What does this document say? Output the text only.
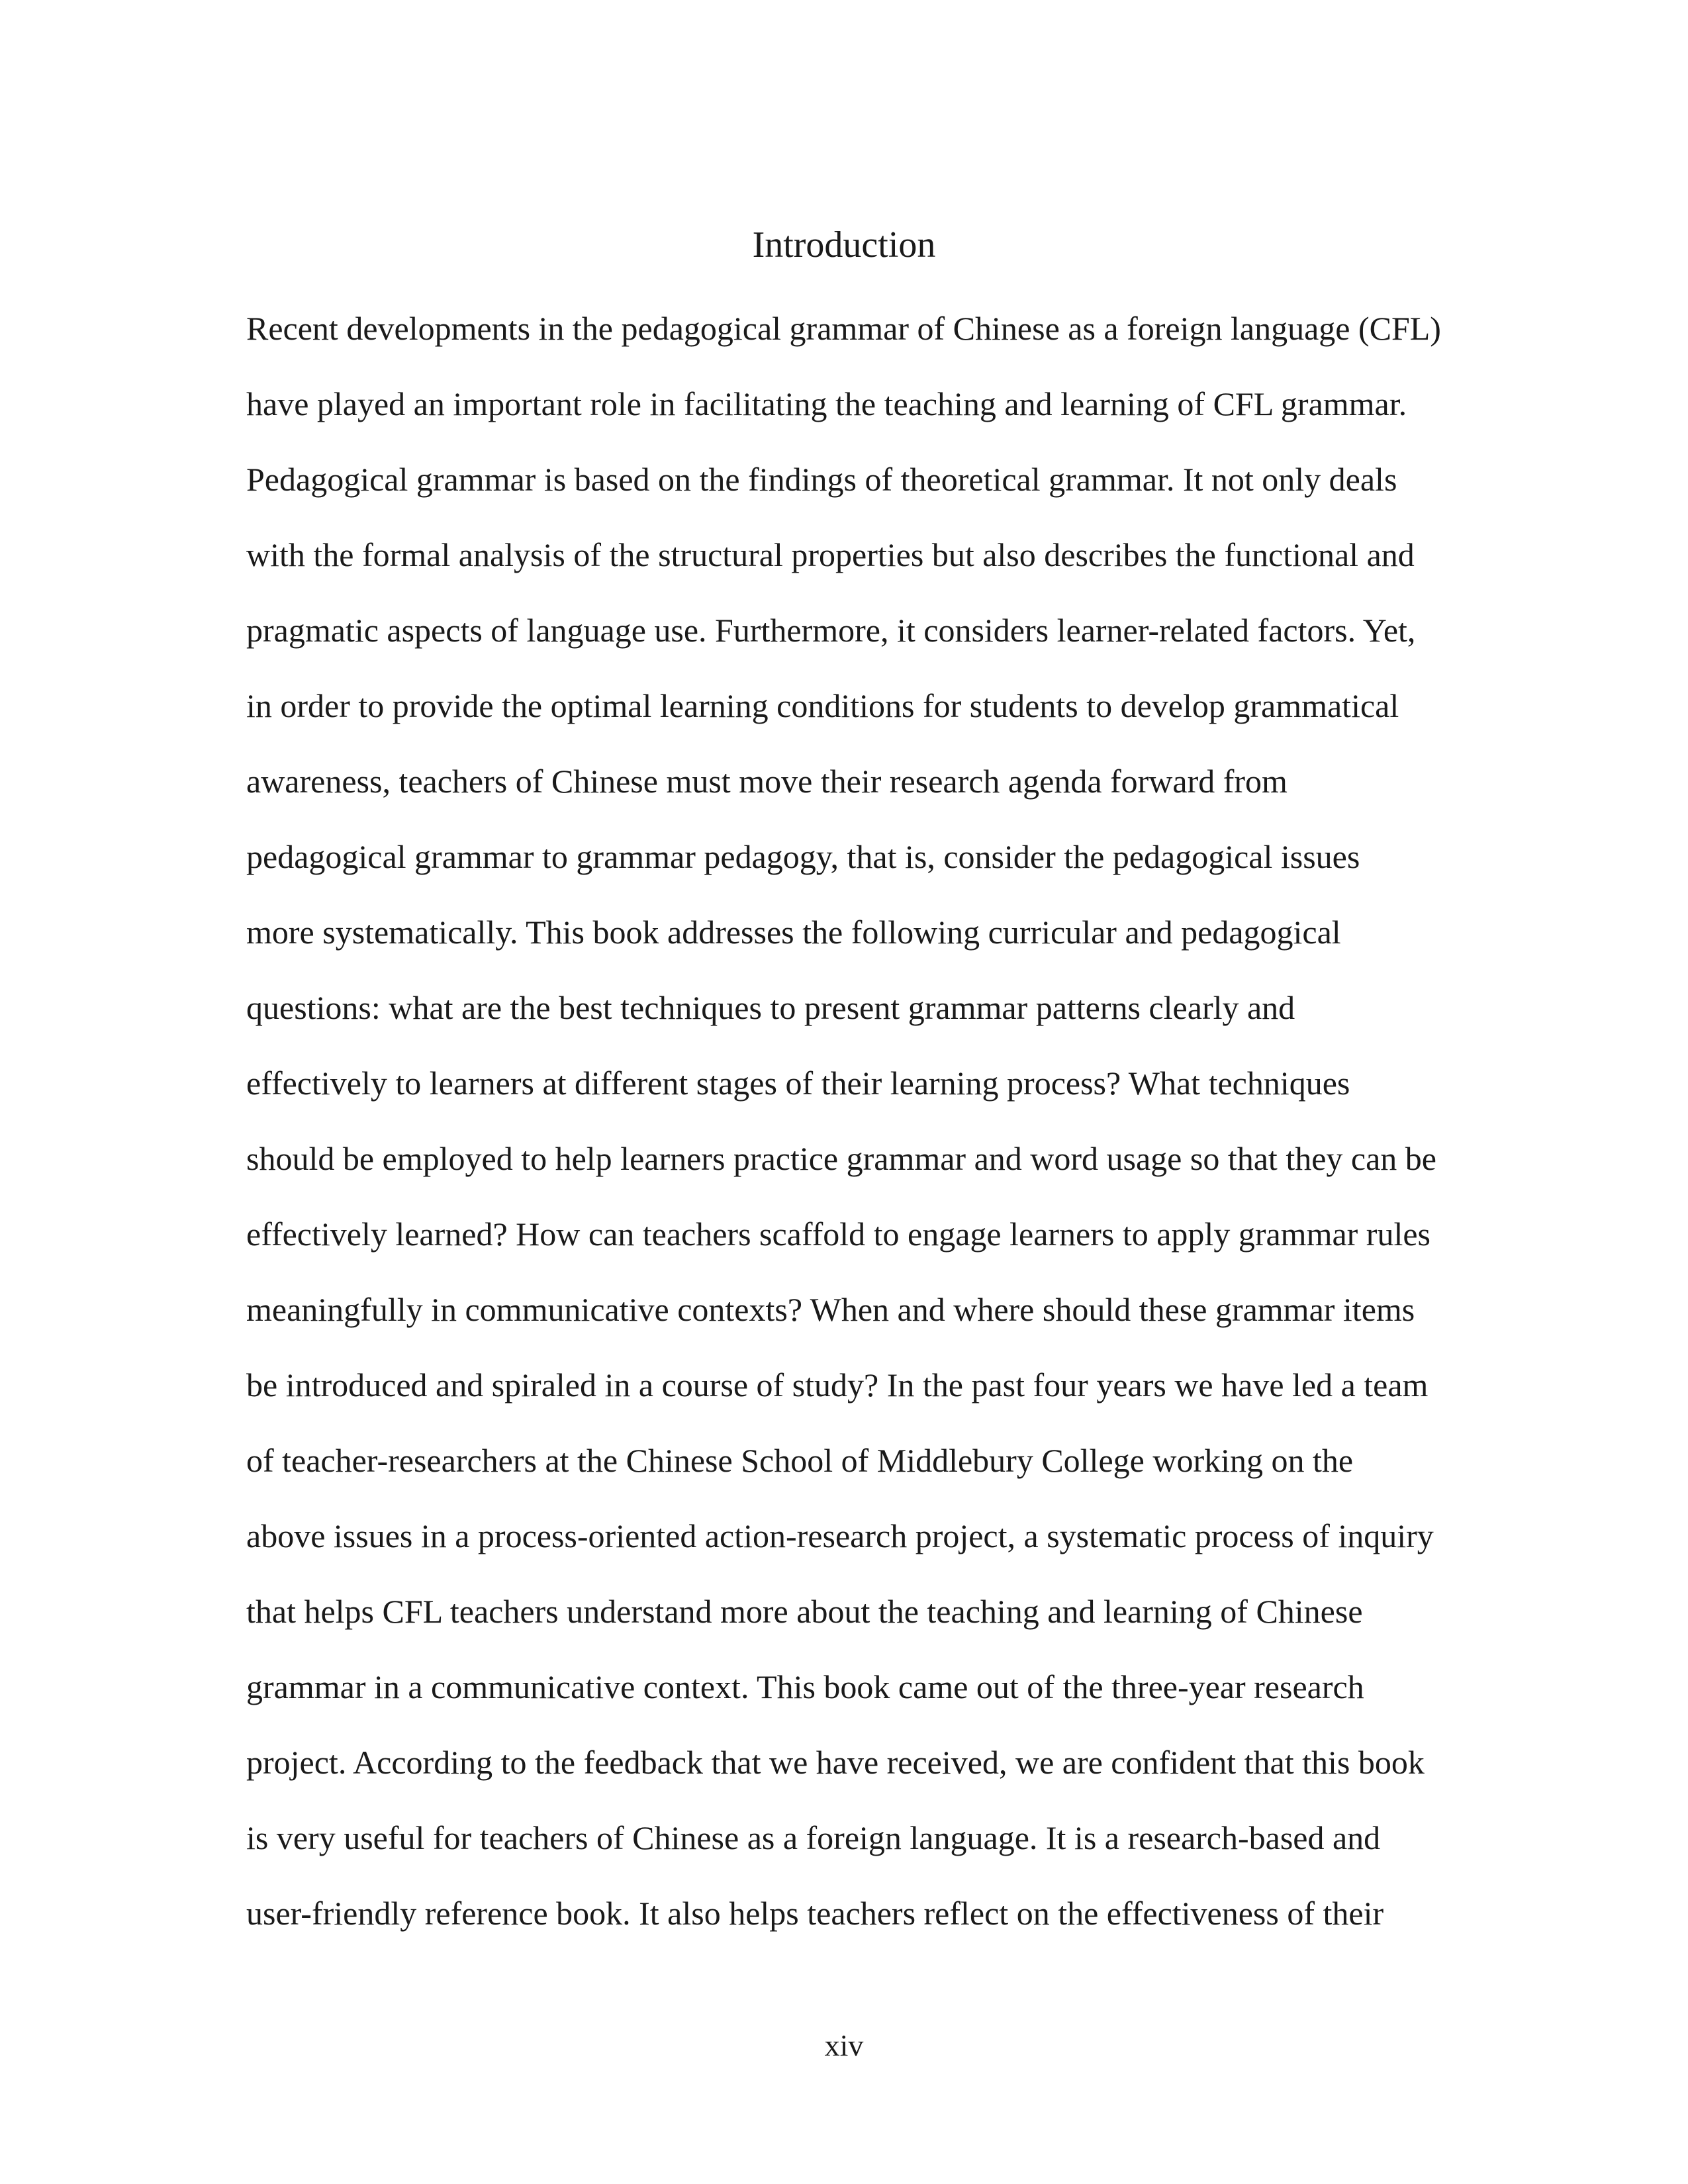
Introduction
Recent developments in the pedagogical grammar of Chinese as a foreign language (CFL)
have played an important role in facilitating the teaching and learning of CFL grammar.
Pedagogical grammar is based on the findings of theoretical grammar. It not only deals
with the formal analysis of the structural properties but also describes the functional and
pragmatic aspects of language use. Furthermore, it considers learner-related factors. Yet,
in order to provide the optimal learning conditions for students to develop grammatical
awareness, teachers of Chinese must move their research agenda forward from
pedagogical grammar to grammar pedagogy, that is, consider the pedagogical issues
more systematically. This book addresses the following curricular and pedagogical
questions: what are the best techniques to present grammar patterns clearly and
effectively to learners at different stages of their learning process? What techniques
should be employed to help learners practice grammar and word usage so that they can be
effectively learned? How can teachers scaffold to engage learners to apply grammar rules
meaningfully in communicative contexts? When and where should these grammar items
be introduced and spiraled in a course of study? In the past four years we have led a team
of teacher-researchers at the Chinese School of Middlebury College working on the
above issues in a process-oriented action-research project, a systematic process of inquiry
that helps CFL teachers understand more about the teaching and learning of Chinese
grammar in a communicative context. This book came out of the three-year research
project. According to the feedback that we have received, we are confident that this book
is very useful for teachers of Chinese as a foreign language. It is a research-based and
user-friendly reference book. It also helps teachers reflect on the effectiveness of their
xiv
